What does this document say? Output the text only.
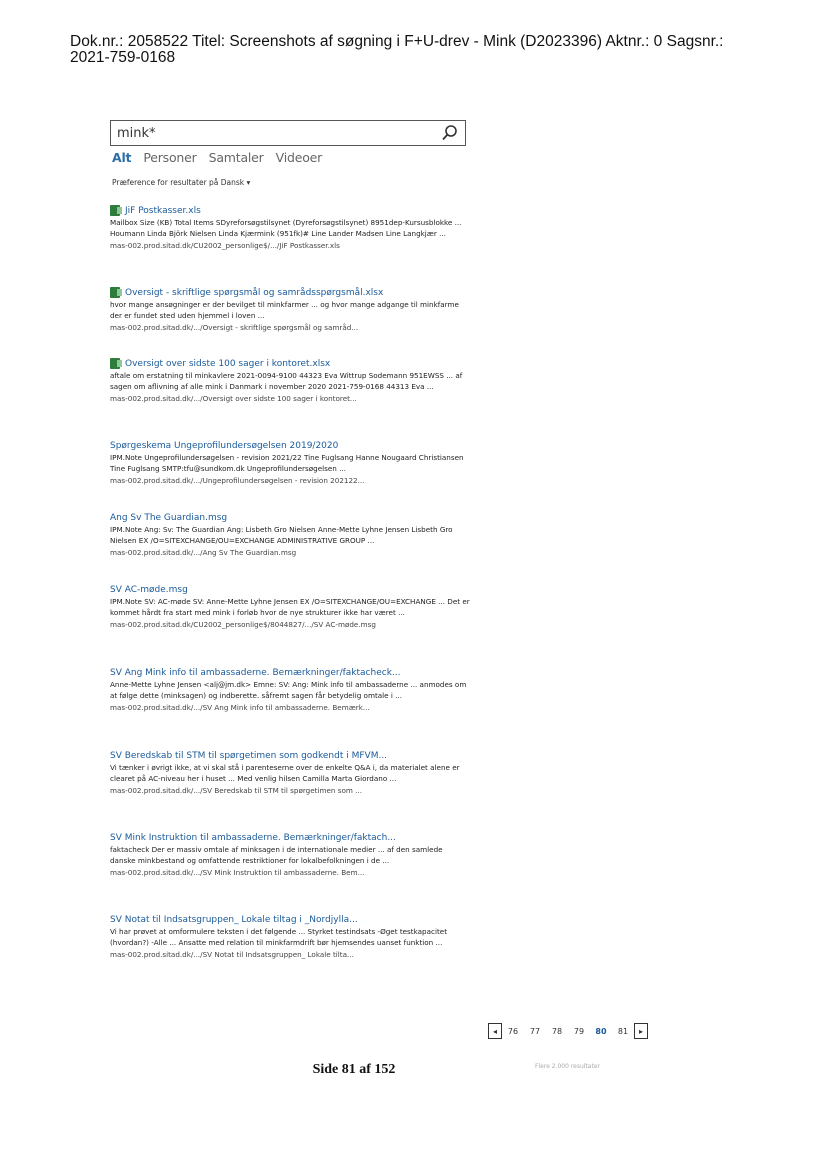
Dok.nr.: 2058522 Titel: Screenshots af søgning i F+U-drev - Mink (D2023396) Aktnr.: 0 Sagsnr.:
2021-759-0168
mink*
Alt Personer Samtaler Videoer
Præference for resultater på Dansk ▾
JiF Postkasser.xls
Mailbox Size (KB) Total Items SDyreforsøgstilsynet (Dyreforsøgstilsynet) 8951dep-Kursusblokke ... Houmann Linda Björk Nielsen Linda Kjærmink (951fk)# Line Lander Madsen Line Langkjær ...
mas-002.prod.sitad.dk/CU2002_personlige$/.../JiF Postkasser.xls
Oversigt - skriftlige spørgsmål og samrådsspørgsmål.xlsx
hvor mange ansøgninger er der bevilget til minkfarmer ... og hvor mange adgange til minkfarme der er fundet sted uden hjemmel i loven ...
mas-002.prod.sitad.dk/.../Oversigt - skriftlige spørgsmål og samråd...
Oversigt over sidste 100 sager i kontoret.xlsx
aftale om erstatning til minkavlere 2021-0094-9100 44323 Eva Wittrup Sodemann 951EWSS ... af sagen om aflivning af alle mink i Danmark i november 2020 2021-759-0168 44313 Eva ...
mas-002.prod.sitad.dk/.../Oversigt over sidste 100 sager i kontoret...
Spørgeskema Ungeprofilundersøgelsen 2019/2020
IPM.Note Ungeprofilundersøgelsen - revision 2021/22 Tine Fuglsang Hanne Nougaard Christiansen Tine Fuglsang SMTP:tfu@sundkom.dk Ungeprofilundersøgelsen ...
mas-002.prod.sitad.dk/.../Ungeprofilundersøgelsen - revision 202122...
Ang Sv The Guardian.msg
IPM.Note Ang: Sv: The Guardian Ang: Lisbeth Gro Nielsen Anne-Mette Lyhne Jensen Lisbeth Gro Nielsen EX /O=SITEXCHANGE/OU=EXCHANGE ADMINISTRATIVE GROUP ...
mas-002.prod.sitad.dk/.../Ang Sv The Guardian.msg
SV AC-møde.msg
IPM.Note SV: AC-møde SV: Anne-Mette Lyhne Jensen EX /O=SITEXCHANGE/OU=EXCHANGE ... Det er kommet hårdt fra start med mink i forløb hvor de nye strukturer ikke har været ...
mas-002.prod.sitad.dk/CU2002_personlige$/8044827/.../SV AC-møde.msg
SV Ang Mink info til ambassaderne. Bemærkninger/faktacheck...
Anne-Mette Lyhne Jensen <alj@jm.dk> Emne: SV: Ang: Mink info til ambassaderne ... anmodes om at følge dette (minksagen) og indberette. såfremt sagen får betydelig omtale i ...
mas-002.prod.sitad.dk/.../SV Ang Mink info til ambassaderne. Bemærk...
SV Beredskab til STM til spørgetimen som godkendt i MFVM...
Vi tænker i øvrigt ikke, at vi skal stå i parenteserne over de enkelte Q&A i, da materialet alene er clearet på AC-niveau her i huset ... Med venlig hilsen Camilla Marta Giordano ...
mas-002.prod.sitad.dk/.../SV Beredskab til STM til spørgetimen som ...
SV Mink Instruktion til ambassaderne. Bemærkninger/faktach...
faktacheck Der er massiv omtale af minksagen i de internationale medier ... af den samlede danske minkbestand og omfattende restriktioner for lokalbefolkningen i de ...
mas-002.prod.sitad.dk/.../SV Mink Instruktion til ambassaderne. Bem...
SV Notat til Indsatsgruppen_ Lokale tiltag i _Nordjylla...
Vi har prøvet at omformulere teksten i det følgende ... Styrket testindsats -Øget testkapacitet (hvordan?) -Alle ... Ansatte med relation til minkfarmdrift bør hjemsendes uanset funktion ...
mas-002.prod.sitad.dk/.../SV Notat til Indsatsgruppen_ Lokale tilta...
◂	76	77	78	79	80	81	▸
Side 81 af 152	Flere 2.000 resultater
